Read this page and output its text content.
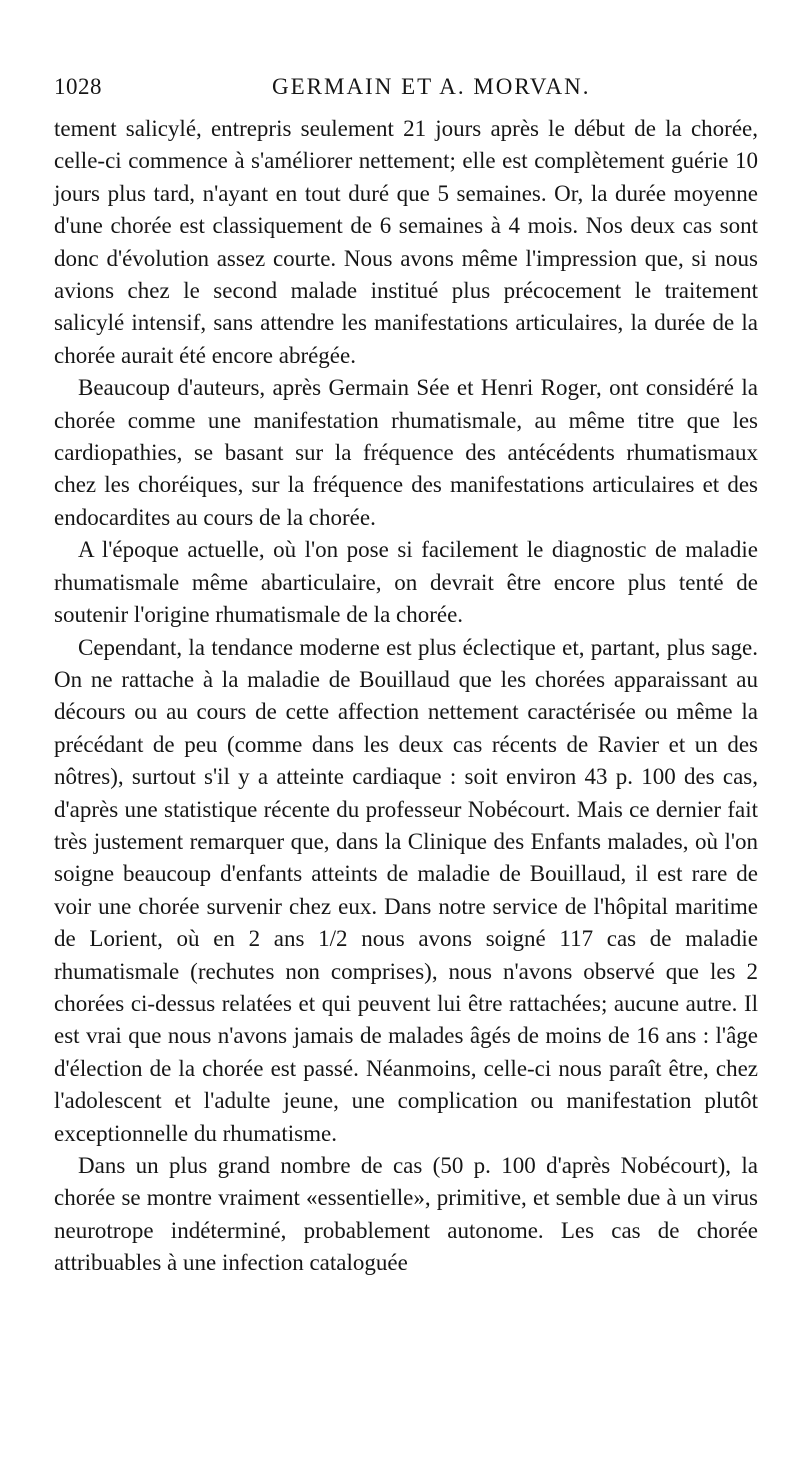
1028	GERMAIN ET A. MORVAN.

tement salicylé, entrepris seulement 21 jours après le début de la chorée, celle-ci commence à s'améliorer nettement; elle est complètement guérie 10 jours plus tard, n'ayant en tout duré que 5 semaines. Or, la durée moyenne d'une chorée est classiquement de 6 semaines à 4 mois. Nos deux cas sont donc d'évolution assez courte. Nous avons même l'impression que, si nous avions chez le second malade institué plus précocement le traitement salicylé intensif, sans attendre les manifestations articulaires, la durée de la chorée aurait été encore abrégée.

Beaucoup d'auteurs, après Germain Sée et Henri Roger, ont considéré la chorée comme une manifestation rhumatismale, au même titre que les cardiopathies, se basant sur la fréquence des antécédents rhumatismaux chez les choréiques, sur la fréquence des manifestations articulaires et des endocardites au cours de la chorée.

A l'époque actuelle, où l'on pose si facilement le diagnostic de maladie rhumatismale même abarticulaire, on devrait être encore plus tenté de soutenir l'origine rhumatismale de la chorée.

Cependant, la tendance moderne est plus éclectique et, partant, plus sage. On ne rattache à la maladie de Bouillaud que les chorées apparaissant au décours ou au cours de cette affection nettement caractérisée ou même la précédant de peu (comme dans les deux cas récents de Ravier et un des nôtres), surtout s'il y a atteinte cardiaque : soit environ 43 p. 100 des cas, d'après une statistique récente du professeur Nobécourt. Mais ce dernier fait très justement remarquer que, dans la Clinique des Enfants malades, où l'on soigne beaucoup d'enfants atteints de maladie de Bouillaud, il est rare de voir une chorée survenir chez eux. Dans notre service de l'hôpital maritime de Lorient, où en 2 ans 1/2 nous avons soigné 117 cas de maladie rhumatismale (rechutes non comprises), nous n'avons observé que les 2 chorées ci-dessus relatées et qui peuvent lui être rattachées; aucune autre. Il est vrai que nous n'avons jamais de malades âgés de moins de 16 ans : l'âge d'élection de la chorée est passé. Néanmoins, celle-ci nous paraît être, chez l'adolescent et l'adulte jeune, une complication ou manifestation plutôt exceptionnelle du rhumatisme.

Dans un plus grand nombre de cas (50 p. 100 d'après Nobécourt), la chorée se montre vraiment «essentielle», primitive, et semble due à un virus neurotrope indéterminé, probablement autonome. Les cas de chorée attribuables à une infection cataloguée
